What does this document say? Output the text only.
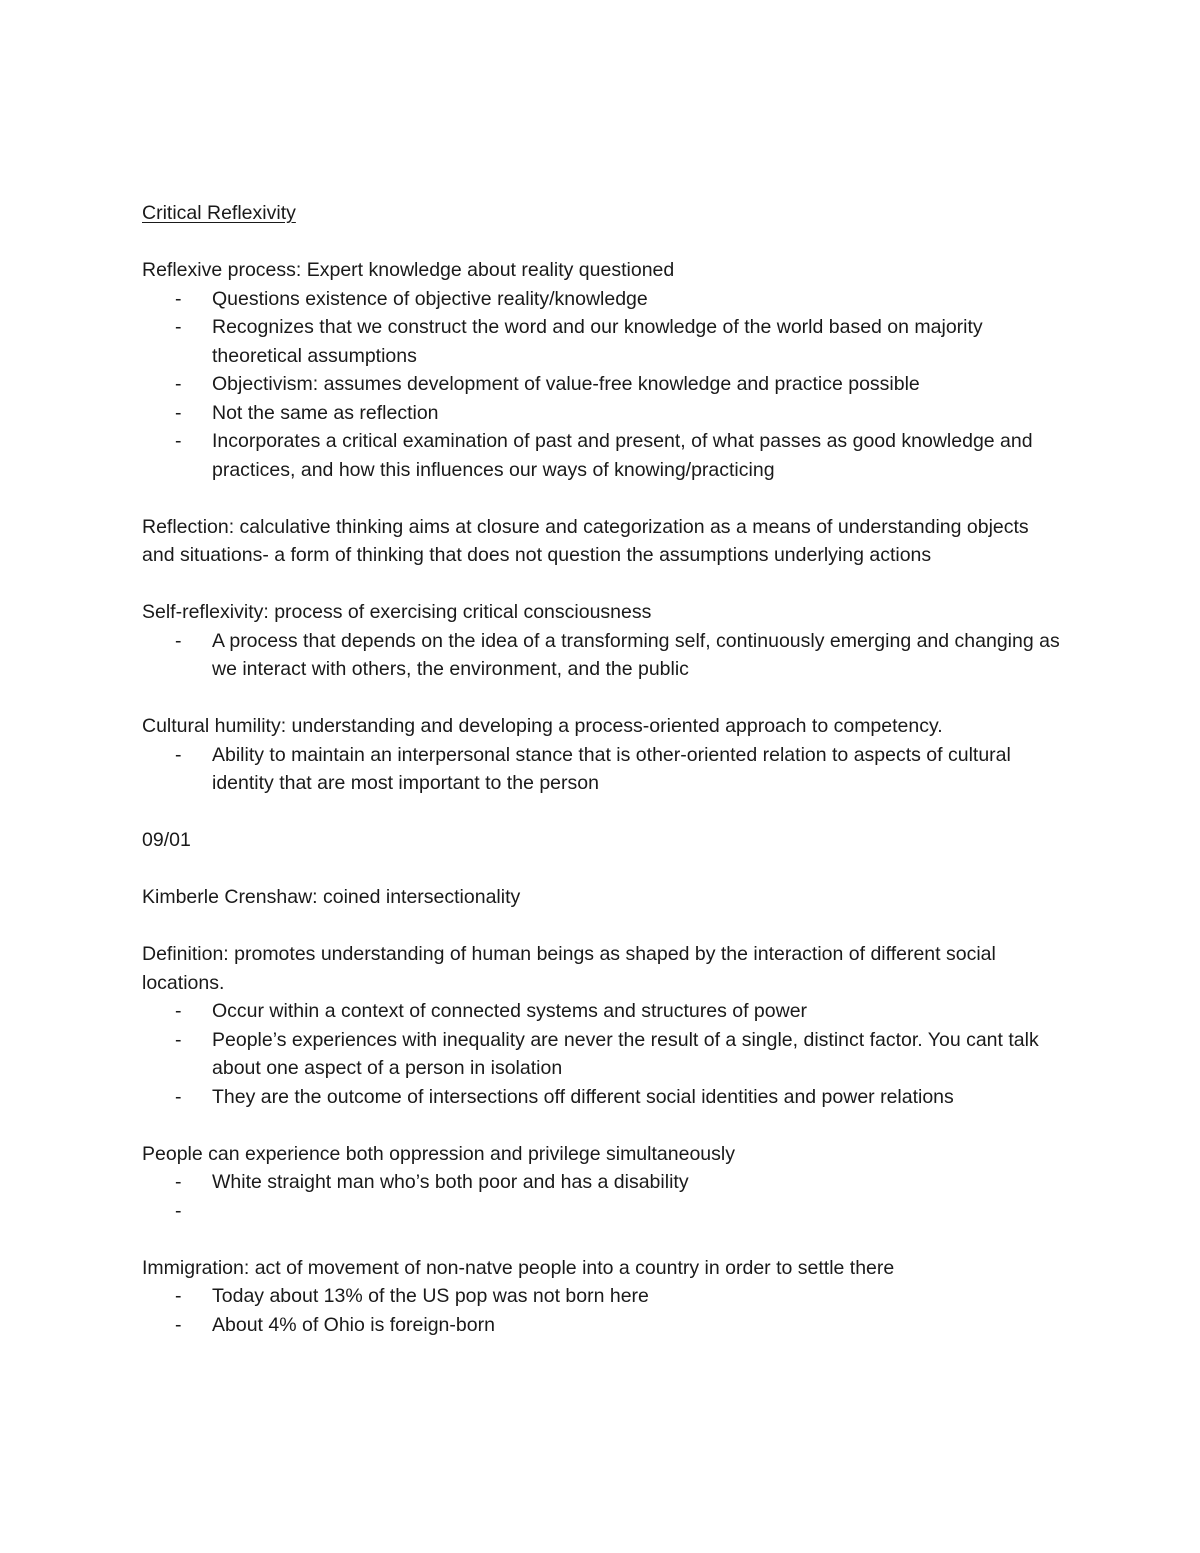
Critical Reflexivity
Reflexive process: Expert knowledge about reality questioned
- Questions existence of objective reality/knowledge
- Recognizes that we construct the word and our knowledge of the world based on majority theoretical assumptions
- Objectivism: assumes development of value-free knowledge and practice possible
- Not the same as reflection
- Incorporates a critical examination of past and present, of what passes as good knowledge and practices, and how this influences our ways of knowing/practicing
Reflection: calculative thinking aims at closure and categorization as a means of understanding objects and situations- a form of thinking that does not question the assumptions underlying actions
Self-reflexivity: process of exercising critical consciousness
- A process that depends on the idea of a transforming self, continuously emerging and changing as we interact with others, the environment, and the public
Cultural humility: understanding and developing a process-oriented approach to competency.
- Ability to maintain an interpersonal stance that is other-oriented relation to aspects of cultural identity that are most important to the person
09/01
Kimberle Crenshaw: coined intersectionality
Definition: promotes understanding of human beings as shaped by the interaction of different social locations.
- Occur within a context of connected systems and structures of power
- People’s experiences with inequality are never the result of a single, distinct factor. You cant talk about one aspect of a person in isolation
- They are the outcome of intersections off different social identities and power relations
People can experience both oppression and privilege simultaneously
- White straight man who’s both poor and has a disability
-
Immigration: act of movement of non-natve people into a country in order to settle there
- Today about 13% of the US pop was not born here
- About 4% of Ohio is foreign-born
